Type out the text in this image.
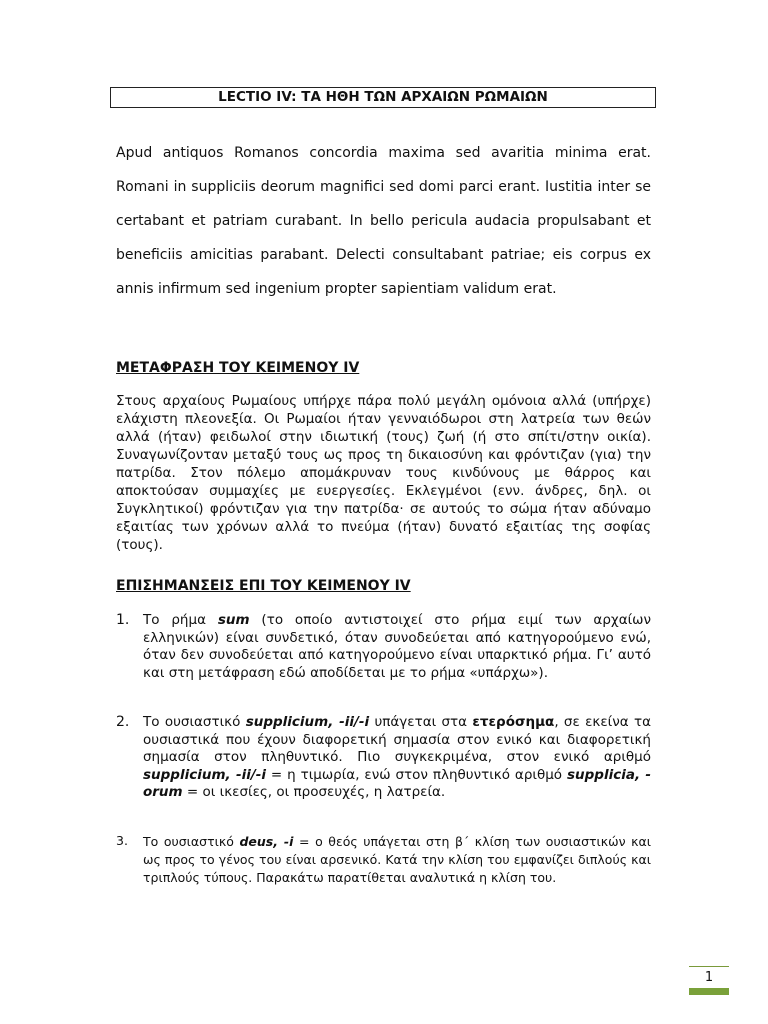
LECTIO IV: ΤΑ ΗΘΗ ΤΩΝ ΑΡΧΑΙΩΝ ΡΩΜΑΙΩΝ

Apud antiquos Romanos concordia maxima sed avaritia minima erat. Romani in suppliciis deorum magnifici sed domi parci erant. Iustitia inter se certabant et patriam curabant. In bello pericula audacia propulsabant et beneficiis amicitias parabant. Delecti consultabant patriae; eis corpus ex annis infirmum sed ingenium propter sapientiam validum erat.

ΜΕΤΑΦΡΑΣΗ ΤΟΥ ΚΕΙΜΕΝΟΥ IV

Στους αρχαίους Ρωμαίους υπήρχε πάρα πολύ μεγάλη ομόνοια αλλά (υπήρχε) ελάχιστη πλεονεξία. Οι Ρωμαίοι ήταν γενναιόδωροι στη λατρεία των θεών αλλά (ήταν) φειδωλοί στην ιδιωτική (τους) ζωή (ή στο σπίτι/στην οικία). Συναγωνίζονταν μεταξύ τους ως προς τη δικαιοσύνη και φρόντιζαν (για) την πατρίδα. Στον πόλεμο απομάκρυναν τους κινδύνους με θάρρος και αποκτούσαν συμμαχίες με ευεργεσίες. Εκλεγμένοι (ενν. άνδρες, δηλ. οι Συγκλητικοί) φρόντιζαν για την πατρίδα· σε αυτούς το σώμα ήταν αδύναμο εξαιτίας των χρόνων αλλά το πνεύμα (ήταν) δυνατό εξαιτίας της σοφίας (τους).

ΕΠΙΣΗΜΑΝΣΕΙΣ ΕΠΙ ΤΟΥ ΚΕΙΜΕΝΟΥ IV
1. Το ρήμα sum (το οποίο αντιστοιχεί στο ρήμα ειμί των αρχαίων ελληνικών) είναι συνδετικό, όταν συνοδεύεται από κατηγορούμενο ενώ, όταν δεν συνοδεύεται από κατηγορούμενο είναι υπαρκτικό ρήμα. Γι’ αυτό και στη μετάφραση εδώ αποδίδεται με το ρήμα «υπάρχω»).
2. Το ουσιαστικό supplicium, -ii/-i υπάγεται στα ετερόσημα, σε εκείνα τα ουσιαστικά που έχουν διαφορετική σημασία στον ενικό και διαφορετική σημασία στον πληθυντικό. Πιο συγκεκριμένα, στον ενικό αριθμό supplicium, -ii/-i = η τιμωρία, ενώ στον πληθυντικό αριθμό supplicia, -orum = οι ικεσίες, οι προσευχές, η λατρεία.
3. Το ουσιαστικό deus, -i = ο θεός υπάγεται στη β΄ κλίση των ουσιαστικών και ως προς το γένος του είναι αρσενικό. Κατά την κλίση του εμφανίζει διπλούς και τριπλούς τύπους. Παρακάτω παρατίθεται αναλυτικά η κλίση του.
1
